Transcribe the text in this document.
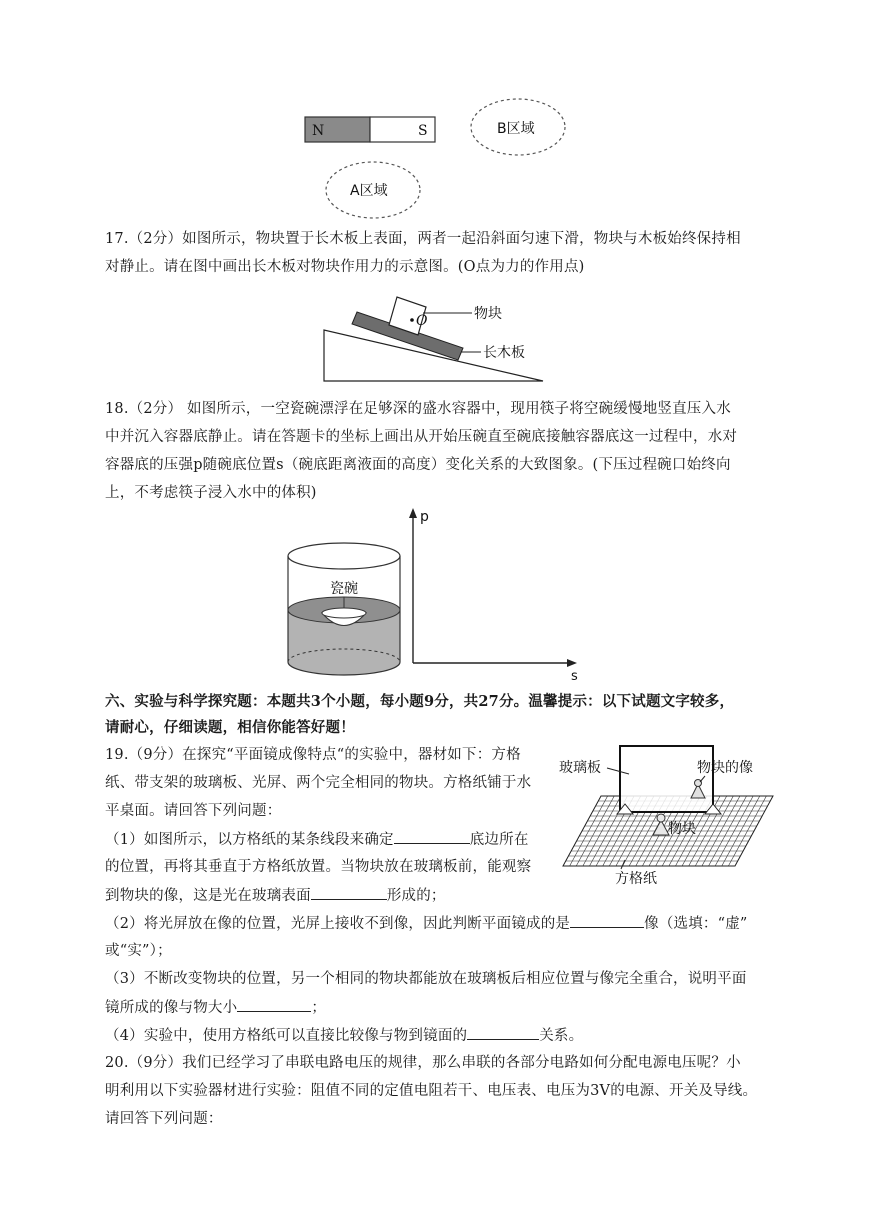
N	S	B区域
A区域
17.（2分）如图所示，物块置于长木板上表面，两者一起沿斜面匀速下滑，物块与木板始终保持相
对静止。请在图中画出长木板对物块作用力的示意图。(O点为力的作用点)
O	物块
长木板
18.（2分） 如图所示，一空瓷碗漂浮在足够深的盛水容器中，现用筷子将空碗缓慢地竖直压入水
中并沉入容器底静止。请在答题卡的坐标上画出从开始压碗直至碗底接触容器底这一过程中，水对
容器底的压强p随碗底位置s（碗底距离液面的高度）变化关系的大致图象。(下压过程碗口始终向
上，不考虑筷子浸入水中的体积)
瓷碗
p
s
六、实验与科学探究题：本题共3个小题，每小题9分，共27分。温馨提示：以下试题文字较多，
请耐心，仔细读题，相信你能答好题！
19.（9分）在探究“平面镜成像特点“的实验中，器材如下：方格
纸、带支架的玻璃板、光屏、两个完全相同的物块。方格纸铺于水
平桌面。请回答下列问题：
（1）如图所示，以方格纸的某条线段来确定	底边所在
的位置，再将其垂直于方格纸放置。当物块放在玻璃板前，能观察
到物块的像，这是光在玻璃表面	形成的；
（2）将光屏放在像的位置，光屏上接收不到像，因此判断平面镜成的是	像（选填：“虚”
或“实”）；
（3）不断改变物块的位置，另一个相同的物块都能放在玻璃板后相应位置与像完全重合，说明平面
镜所成的像与物大小	；
（4）实验中，使用方格纸可以直接比较像与物到镜面的	关系。
玻璃板	物块的像
物块
方格纸
20.（9分）我们已经学习了串联电路电压的规律，那么串联的各部分电路如何分配电源电压呢？小
明利用以下实验器材进行实验：阻值不同的定值电阻若干、电压表、电压为3V的电源、开关及导线。
请回答下列问题：
